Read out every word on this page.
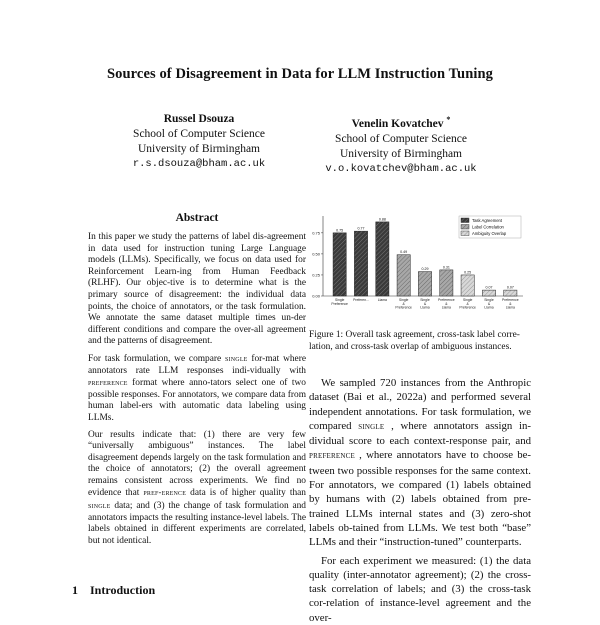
Sources of Disagreement in Data for LLM Instruction Tuning
Russel Dsouza
School of Computer Science
University of Birmingham
r.s.dsouza@bham.ac.uk
Venelin Kovatchev *
School of Computer Science
University of Birmingham
v.o.kovatchev@bham.ac.uk
Abstract

In this paper we study the patterns of label dis-agreement in data used for instruction tuning Large Language models (LLMs). Specifically, we focus on data used for Reinforcement Learn-ing from Human Feedback (RLHF). Our objec-tive is to determine what is the primary source of disagreement: the individual data points, the choice of annotators, or the task formulation. We annotate the same dataset multiple times un-der different conditions and compare the over-all agreement and the patterns of disagreement.

For task formulation, we compare single for-mat where annotators rate LLM responses indi-vidually with preference format where anno-tators select one of two possible responses. For annotators, we compare data from human label-ers with automatic data labeling using LLMs.

Our results indicate that: (1) there are very few “universally ambiguous” instances. The label disagreement depends largely on the task formulation and the choice of annotators; (2) the overall agreement remains consistent across experiments. We find no evidence that pref-erence data is of higher quality than single data; and (3) the change of task formulation and annotators impacts the resulting instance-level labels. The labels obtained in different experiments are correlated, but not identical.

1 Introduction
0.00
0.25
0.50
0.75	0.75
Single
Preference
0.77
Preferen...
0.88
Llama
0.49
Single
&
Preference
0.29
Single
&
Llama
0.31
Preference
&
Llama
0.25
Single
&
Preference
0.07
Single
&
Llama
0.07
Preference
&
Llama
Task Agreement
Label Correlation
Ambiguity Overlap
Figure 1: Overall task agreement, cross-task label corre-lation, and cross-task overlap of ambiguous instances.

We sampled 720 instances from the Anthropic dataset (Bai et al., 2022a) and performed several independent annotations. For task formulation, we compared single , where annotators assign in-dividual score to each context-response pair, and preference , where annotators have to choose be-tween two possible responses for the same context. For annotators, we compared (1) labels obtained by humans with (2) labels obtained from pre-trained LLMs internal states and (3) zero-shot labels ob-tained from LLMs. We test both “base” LLMs and their “instruction-tuned” counterparts.

For each experiment we measured: (1) the data quality (inter-annotator agreement); (2) the cross-task correlation of labels; and (3) the cross-task cor-relation of instance-level agreement and the over-
